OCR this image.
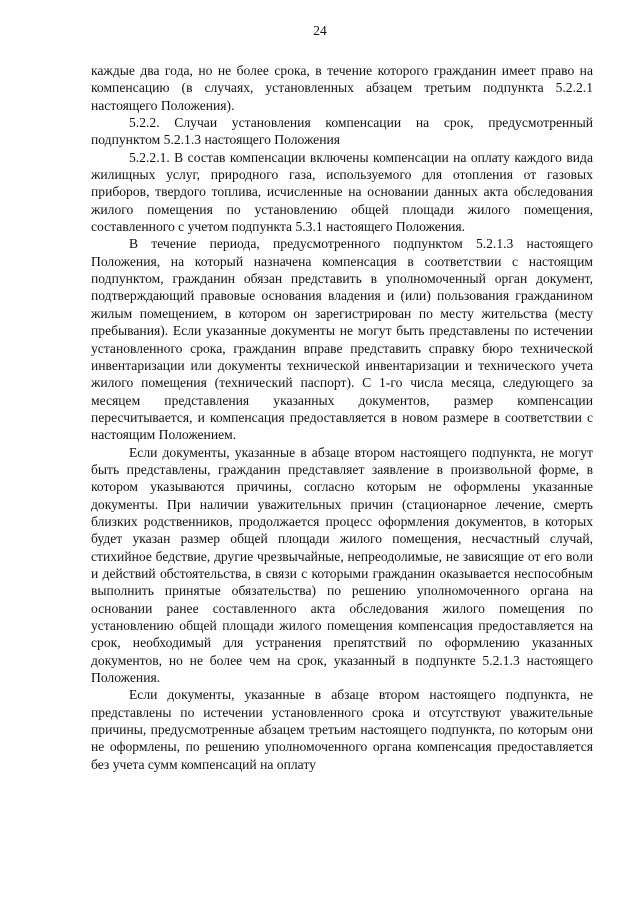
24

каждые два года, но не более срока, в течение которого гражданин имеет право на компенсацию (в случаях, установленных абзацем третьим подпункта 5.2.2.1 настоящего Положения).

5.2.2. Случаи установления компенсации на срок, предусмотренный подпунктом 5.2.1.3 настоящего Положения

5.2.2.1. В состав компенсации включены компенсации на оплату каждого вида жилищных услуг, природного газа, используемого для отопления от газовых приборов, твердого топлива, исчисленные на основании данных акта обследования жилого помещения по установлению общей площади жилого помещения, составленного с учетом подпункта 5.3.1 настоящего Положения.

В течение периода, предусмотренного подпунктом 5.2.1.3 настоящего Положения, на который назначена компенсация в соответствии с настоящим подпунктом, гражданин обязан представить в уполномоченный орган документ, подтверждающий правовые основания владения и (или) пользования гражданином жилым помещением, в котором он зарегистрирован по месту жительства (месту пребывания). Если указанные документы не могут быть представлены по истечении установленного срока, гражданин вправе представить справку бюро технической инвентаризации или документы технической инвентаризации и технического учета жилого помещения (технический паспорт). С 1-го числа месяца, следующего за месяцем представления указанных документов, размер компенсации пересчитывается, и компенсация предоставляется в новом размере в соответствии с настоящим Положением.

Если документы, указанные в абзаце втором настоящего подпункта, не могут быть представлены, гражданин представляет заявление в произвольной форме, в котором указываются причины, согласно которым не оформлены указанные документы. При наличии уважительных причин (стационарное лечение, смерть близких родственников, продолжается процесс оформления документов, в которых будет указан размер общей площади жилого помещения, несчастный случай, стихийное бедствие, другие чрезвычайные, непреодолимые, не зависящие от его воли и действий обстоятельства, в связи с которыми гражданин оказывается неспособным выполнить принятые обязательства) по решению уполномоченного органа на основании ранее составленного акта обследования жилого помещения по установлению общей площади жилого помещения компенсация предоставляется на срок, необходимый для устранения препятствий по оформлению указанных документов, но не более чем на срок, указанный в подпункте 5.2.1.3 настоящего Положения.

Если документы, указанные в абзаце втором настоящего подпункта, не представлены по истечении установленного срока и отсутствуют уважительные причины, предусмотренные абзацем третьим настоящего подпункта, по которым они не оформлены, по решению уполномоченного органа компенсация предоставляется без учета сумм компенсаций на оплату
